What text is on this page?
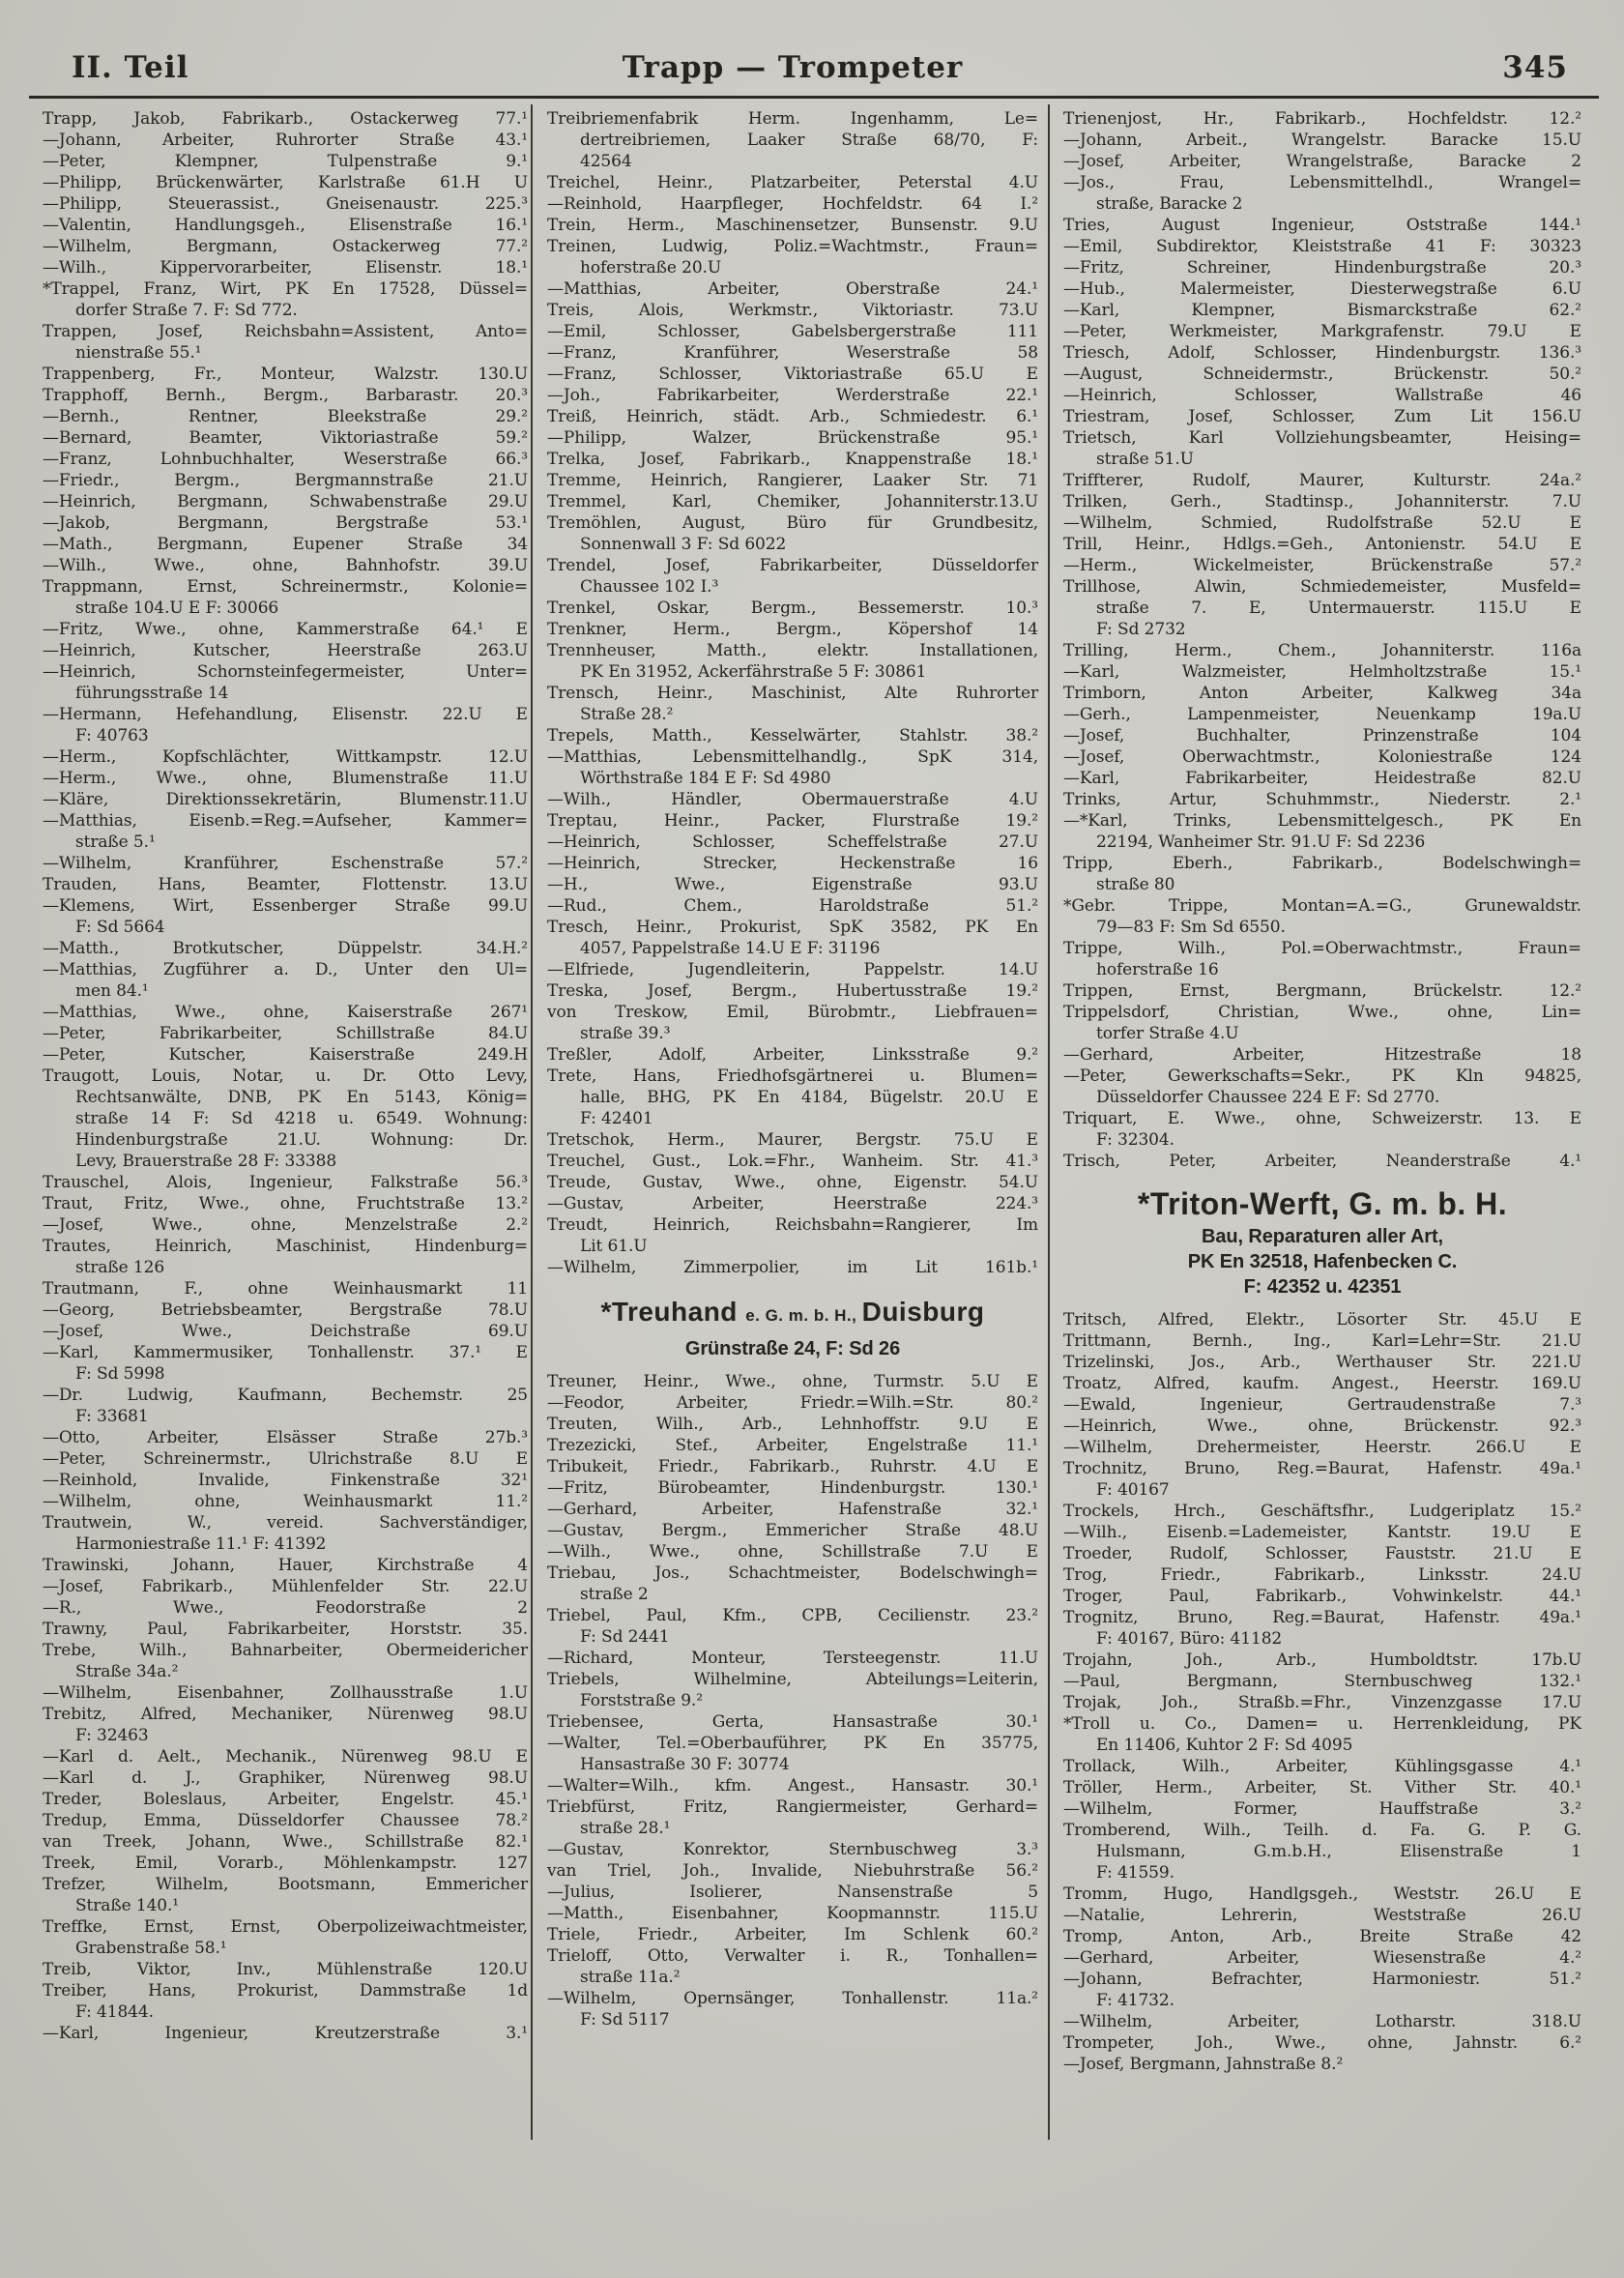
II. Teil	Trapp — Trompeter	345
Trapp, Jakob, Fabrikarb., Ostackerweg 77.¹
—Johann, Arbeiter, Ruhrorter Straße 43.¹
—Peter, Klempner, Tulpenstraße 9.¹
—Philipp, Brückenwärter, Karlstraße 61.H U
—Philipp, Steuerassist., Gneisenaustr. 225.³
—Valentin, Handlungsgeh., Elisenstraße 16.¹
—Wilhelm, Bergmann, Ostackerweg 77.²
—Wilh., Kippervorarbeiter, Elisenstr. 18.¹
*Trappel, Franz, Wirt, PK En 17528, Düssel=
dorfer Straße 7. F: Sd 772.
Trappen, Josef, Reichsbahn=Assistent, Anto=
nienstraße 55.¹
Trappenberg, Fr., Monteur, Walzstr. 130.U
Trapphoff, Bernh., Bergm., Barbarastr. 20.³
—Bernh., Rentner, Bleekstraße 29.²
—Bernard, Beamter, Viktoriastraße 59.²
—Franz, Lohnbuchhalter, Weserstraße 66.³
—Friedr., Bergm., Bergmannstraße 21.U
—Heinrich, Bergmann, Schwabenstraße 29.U
—Jakob, Bergmann, Bergstraße 53.¹
—Math., Bergmann, Eupener Straße 34
—Wilh., Wwe., ohne, Bahnhofstr. 39.U
Trappmann, Ernst, Schreinermstr., Kolonie=
straße 104.U E F: 30066
—Fritz, Wwe., ohne, Kammerstraße 64.¹ E
—Heinrich, Kutscher, Heerstraße 263.U
—Heinrich, Schornsteinfegermeister, Unter=
führungsstraße 14
—Hermann, Hefehandlung, Elisenstr. 22.U E
F: 40763
—Herm., Kopfschlächter, Wittkampstr. 12.U
—Herm., Wwe., ohne, Blumenstraße 11.U
—Kläre, Direktionssekretärin, Blumenstr.11.U
—Matthias, Eisenb.=Reg.=Aufseher, Kammer=
straße 5.¹
—Wilhelm, Kranführer, Eschenstraße 57.²
Trauden, Hans, Beamter, Flottenstr. 13.U
—Klemens, Wirt, Essenberger Straße 99.U
F: Sd 5664
—Matth., Brotkutscher, Düppelstr. 34.H.²
—Matthias, Zugführer a. D., Unter den Ul=
men 84.¹
—Matthias, Wwe., ohne, Kaiserstraße 267¹
—Peter, Fabrikarbeiter, Schillstraße 84.U
—Peter, Kutscher, Kaiserstraße 249.H
Traugott, Louis, Notar, u. Dr. Otto Levy,
Rechtsanwälte, DNB, PK En 5143, König=
straße 14 F: Sd 4218 u. 6549. Wohnung:
Hindenburgstraße 21.U. Wohnung: Dr.
Levy, Brauerstraße 28 F: 33388
Trauschel, Alois, Ingenieur, Falkstraße 56.³
Traut, Fritz, Wwe., ohne, Fruchtstraße 13.²
—Josef, Wwe., ohne, Menzelstraße 2.²
Trautes, Heinrich, Maschinist, Hindenburg=
straße 126
Trautmann, F., ohne Weinhausmarkt 11
—Georg, Betriebsbeamter, Bergstraße 78.U
—Josef, Wwe., Deichstraße 69.U
—Karl, Kammermusiker, Tonhallenstr. 37.¹ E
F: Sd 5998
—Dr. Ludwig, Kaufmann, Bechemstr. 25
F: 33681
—Otto, Arbeiter, Elsässer Straße 27b.³
—Peter, Schreinermstr., Ulrichstraße 8.U E
—Reinhold, Invalide, Finkenstraße 32¹
—Wilhelm, ohne, Weinhausmarkt 11.²
Trautwein, W., vereid. Sachverständiger,
Harmoniestraße 11.¹ F: 41392
Trawinski, Johann, Hauer, Kirchstraße 4
—Josef, Fabrikarb., Mühlenfelder Str. 22.U
—R., Wwe., Feodorstraße 2
Trawny, Paul, Fabrikarbeiter, Horststr. 35.
Trebe, Wilh., Bahnarbeiter, Obermeidericher
Straße 34a.²
—Wilhelm, Eisenbahner, Zollhausstraße 1.U
Trebitz, Alfred, Mechaniker, Nürenweg 98.U
F: 32463
—Karl d. Aelt., Mechanik., Nürenweg 98.U E
—Karl d. J., Graphiker, Nürenweg 98.U
Treder, Boleslaus, Arbeiter, Engelstr. 45.¹
Tredup, Emma, Düsseldorfer Chaussee 78.²
van Treek, Johann, Wwe., Schillstraße 82.¹
Treek, Emil, Vorarb., Möhlenkampstr. 127
Trefzer, Wilhelm, Bootsmann, Emmericher
Straße 140.¹
Treffke, Ernst, Ernst, Oberpolizeiwachtmeister,
Grabenstraße 58.¹
Treib, Viktor, Inv., Mühlenstraße 120.U
Treiber, Hans, Prokurist, Dammstraße 1d
F: 41844.
—Karl, Ingenieur, Kreutzerstraße 3.¹
Treibriemenfabrik Herm. Ingenhamm, Le=
dertreibriemen, Laaker Straße 68/70, F:
42564
Treichel, Heinr., Platzarbeiter, Peterstal 4.U
—Reinhold, Haarpfleger, Hochfeldstr. 64 I.²
Trein, Herm., Maschinensetzer, Bunsenstr. 9.U
Treinen, Ludwig, Poliz.=Wachtmstr., Fraun=
hoferstraße 20.U
—Matthias, Arbeiter, Oberstraße 24.¹
Treis, Alois, Werkmstr., Viktoriastr. 73.U
—Emil, Schlosser, Gabelsbergerstraße 111
—Franz, Kranführer, Weserstraße 58
—Franz, Schlosser, Viktoriastraße 65.U E
—Joh., Fabrikarbeiter, Werderstraße 22.¹
Treiß, Heinrich, städt. Arb., Schmiedestr. 6.¹
—Philipp, Walzer, Brückenstraße 95.¹
Trelka, Josef, Fabrikarb., Knappenstraße 18.¹
Tremme, Heinrich, Rangierer, Laaker Str. 71
Tremmel, Karl, Chemiker, Johanniterstr.13.U
Tremöhlen, August, Büro für Grundbesitz,
Sonnenwall 3 F: Sd 6022
Trendel, Josef, Fabrikarbeiter, Düsseldorfer
Chaussee 102 I.³
Trenkel, Oskar, Bergm., Bessemerstr. 10.³
Trenkner, Herm., Bergm., Köpershof 14
Trennheuser, Matth., elektr. Installationen,
PK En 31952, Ackerfährstraße 5 F: 30861
Trensch, Heinr., Maschinist, Alte Ruhrorter
Straße 28.²
Trepels, Matth., Kesselwärter, Stahlstr. 38.²
—Matthias, Lebensmittelhandlg., SpK 314,
Wörthstraße 184 E F: Sd 4980
—Wilh., Händler, Obermauerstraße 4.U
Treptau, Heinr., Packer, Flurstraße 19.²
—Heinrich, Schlosser, Scheffelstraße 27.U
—Heinrich, Strecker, Heckenstraße 16
—H., Wwe., Eigenstraße 93.U
—Rud., Chem., Haroldstraße 51.²
Tresch, Heinr., Prokurist, SpK 3582, PK En
4057, Pappelstraße 14.U E F: 31196
—Elfriede, Jugendleiterin, Pappelstr. 14.U
Treska, Josef, Bergm., Hubertusstraße 19.²
von Treskow, Emil, Bürobmtr., Liebfrauen=
straße 39.³
Treßler, Adolf, Arbeiter, Linksstraße 9.²
Trete, Hans, Friedhofsgärtnerei u. Blumen=
halle, BHG, PK En 4184, Bügelstr. 20.U E
F: 42401
Tretschok, Herm., Maurer, Bergstr. 75.U E
Treuchel, Gust., Lok.=Fhr., Wanheim. Str. 41.³
Treude, Gustav, Wwe., ohne, Eigenstr. 54.U
—Gustav, Arbeiter, Heerstraße 224.³
Treudt, Heinrich, Reichsbahn=Rangierer, Im
Lit 61.U
—Wilhelm, Zimmerpolier, im Lit 161b.¹
*Treuhand e. G. m. b. H., Duisburg
Grünstraße 24, F: Sd 26
Treuner, Heinr., Wwe., ohne, Turmstr. 5.U E
—Feodor, Arbeiter, Friedr.=Wilh.=Str. 80.²
Treuten, Wilh., Arb., Lehnhoffstr. 9.U E
Trezezicki, Stef., Arbeiter, Engelstraße 11.¹
Tribukeit, Friedr., Fabrikarb., Ruhrstr. 4.U E
—Fritz, Bürobeamter, Hindenburgstr. 130.¹
—Gerhard, Arbeiter, Hafenstraße 32.¹
—Gustav, Bergm., Emmericher Straße 48.U
—Wilh., Wwe., ohne, Schillstraße 7.U E
Triebau, Jos., Schachtmeister, Bodelschwingh=
straße 2
Triebel, Paul, Kfm., CPB, Cecilienstr. 23.²
F: Sd 2441
—Richard, Monteur, Tersteegenstr. 11.U
Triebels, Wilhelmine, Abteilungs=Leiterin,
Forststraße 9.²
Triebensee, Gerta, Hansastraße 30.¹
—Walter, Tel.=Oberbauführer, PK En 35775,
Hansastraße 30 F: 30774
—Walter=Wilh., kfm. Angest., Hansastr. 30.¹
Triebfürst, Fritz, Rangiermeister, Gerhard=
straße 28.¹
—Gustav, Konrektor, Sternbuschweg 3.³
van Triel, Joh., Invalide, Niebuhrstraße 56.²
—Julius, Isolierer, Nansenstraße 5
—Matth., Eisenbahner, Koopmannstr. 115.U
Triele, Friedr., Arbeiter, Im Schlenk 60.²
Trieloff, Otto, Verwalter i. R., Tonhallen=
straße 11a.²
—Wilhelm, Opernsänger, Tonhallenstr. 11a.²
F: Sd 5117
Trienenjost, Hr., Fabrikarb., Hochfeldstr. 12.²
—Johann, Arbeit., Wrangelstr. Baracke 15.U
—Josef, Arbeiter, Wrangelstraße, Baracke 2
—Jos., Frau, Lebensmittelhdl., Wrangel=
straße, Baracke 2
Tries, August Ingenieur, Oststraße 144.¹
—Emil, Subdirektor, Kleiststraße 41 F: 30323
—Fritz, Schreiner, Hindenburgstraße 20.³
—Hub., Malermeister, Diesterwegstraße 6.U
—Karl, Klempner, Bismarckstraße 62.²
—Peter, Werkmeister, Markgrafenstr. 79.U E
Triesch, Adolf, Schlosser, Hindenburgstr. 136.³
—August, Schneidermstr., Brückenstr. 50.²
—Heinrich, Schlosser, Wallstraße 46
Triestram, Josef, Schlosser, Zum Lit 156.U
Trietsch, Karl Vollziehungsbeamter, Heising=
straße 51.U
Triffterer, Rudolf, Maurer, Kulturstr. 24a.²
Trilken, Gerh., Stadtinsp., Johanniterstr. 7.U
—Wilhelm, Schmied, Rudolfstraße 52.U E
Trill, Heinr., Hdlgs.=Geh., Antonienstr. 54.U E
—Herm., Wickelmeister, Brückenstraße 57.²
Trillhose, Alwin, Schmiedemeister, Musfeld=
straße 7. E, Untermauerstr. 115.U E
F: Sd 2732
Trilling, Herm., Chem., Johanniterstr. 116a
—Karl, Walzmeister, Helmholtzstraße 15.¹
Trimborn, Anton Arbeiter, Kalkweg 34a
—Gerh., Lampenmeister, Neuenkamp 19a.U
—Josef, Buchhalter, Prinzenstraße 104
—Josef, Oberwachtmstr., Koloniestraße 124
—Karl, Fabrikarbeiter, Heidestraße 82.U
Trinks, Artur, Schuhmmstr., Niederstr. 2.¹
—*Karl, Trinks, Lebensmittelgesch., PK En
22194, Wanheimer Str. 91.U F: Sd 2236
Tripp, Eberh., Fabrikarb., Bodelschwingh=
straße 80
*Gebr. Trippe, Montan=A.=G., Grunewaldstr.
79—83 F: Sm Sd 6550.
Trippe, Wilh., Pol.=Oberwachtmstr., Fraun=
hoferstraße 16
Trippen, Ernst, Bergmann, Brückelstr. 12.²
Trippelsdorf, Christian, Wwe., ohne, Lin=
torfer Straße 4.U
—Gerhard, Arbeiter, Hitzestraße 18
—Peter, Gewerkschafts=Sekr., PK Kln 94825,
Düsseldorfer Chaussee 224 E F: Sd 2770.
Triquart, E. Wwe., ohne, Schweizerstr. 13. E
F: 32304.
Trisch, Peter, Arbeiter, Neanderstraße 4.¹
*Triton-Werft, G. m. b. H.
Bau, Reparaturen aller Art,
PK En 32518, Hafenbecken C.
F: 42352 u. 42351
Tritsch, Alfred, Elektr., Lösorter Str. 45.U E
Trittmann, Bernh., Ing., Karl=Lehr=Str. 21.U
Trizelinski, Jos., Arb., Werthauser Str. 221.U
Troatz, Alfred, kaufm. Angest., Heerstr. 169.U
—Ewald, Ingenieur, Gertraudenstraße 7.³
—Heinrich, Wwe., ohne, Brückenstr. 92.³
—Wilhelm, Drehermeister, Heerstr. 266.U E
Trochnitz, Bruno, Reg.=Baurat, Hafenstr. 49a.¹
F: 40167
Trockels, Hrch., Geschäftsfhr., Ludgeriplatz 15.²
—Wilh., Eisenb.=Lademeister, Kantstr. 19.U E
Troeder, Rudolf, Schlosser, Fauststr. 21.U E
Trog, Friedr., Fabrikarb., Linksstr. 24.U
Troger, Paul, Fabrikarb., Vohwinkelstr. 44.¹
Trognitz, Bruno, Reg.=Baurat, Hafenstr. 49a.¹
F: 40167, Büro: 41182
Trojahn, Joh., Arb., Humboldtstr. 17b.U
—Paul, Bergmann, Sternbuschweg 132.¹
Trojak, Joh., Straßb.=Fhr., Vinzenzgasse 17.U
*Troll u. Co., Damen= u. Herrenkleidung, PK
En 11406, Kuhtor 2 F: Sd 4095
Trollack, Wilh., Arbeiter, Kühlingsgasse 4.¹
Tröller, Herm., Arbeiter, St. Vither Str. 40.¹
—Wilhelm, Former, Hauffstraße 3.²
Tromberend, Wilh., Teilh. d. Fa. G. P. G.
Hulsmann, G.m.b.H., Elisenstraße 1
F: 41559.
Tromm, Hugo, Handlgsgeh., Weststr. 26.U E
—Natalie, Lehrerin, Weststraße 26.U
Tromp, Anton, Arb., Breite Straße 42
—Gerhard, Arbeiter, Wiesenstraße 4.²
—Johann, Befrachter, Harmoniestr. 51.²
F: 41732.
—Wilhelm, Arbeiter, Lotharstr. 318.U
Trompeter, Joh., Wwe., ohne, Jahnstr. 6.²
—Josef, Bergmann, Jahnstraße 8.²
